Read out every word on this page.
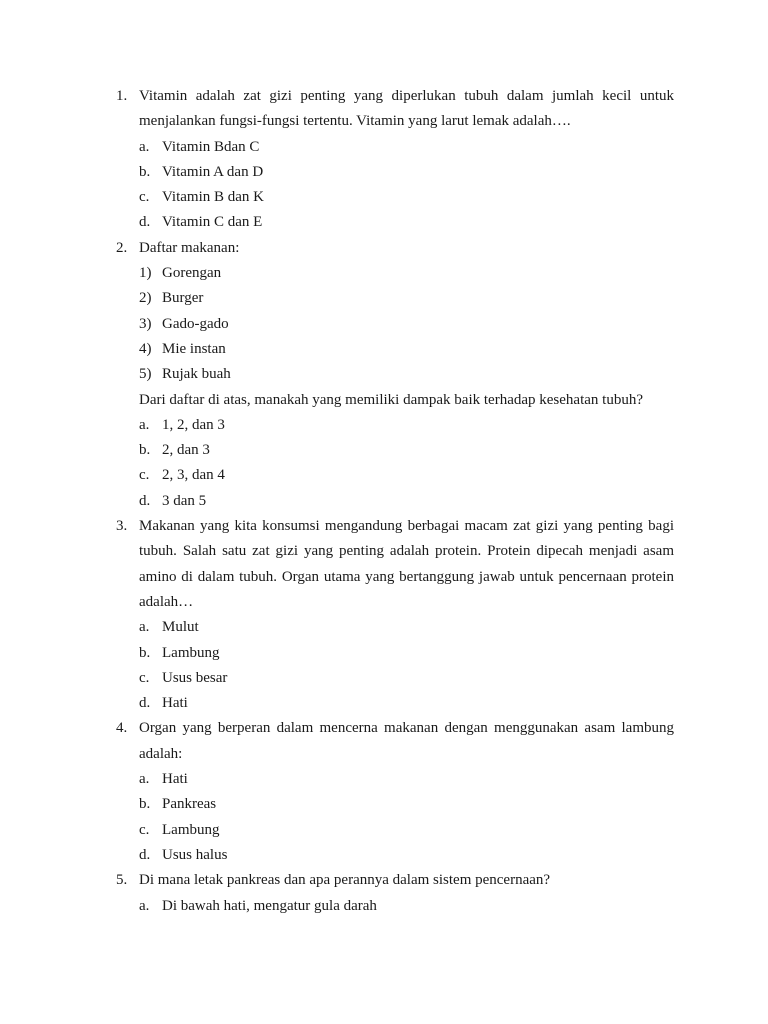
1. Vitamin adalah zat gizi penting yang diperlukan tubuh dalam jumlah kecil untuk menjalankan fungsi-fungsi tertentu. Vitamin yang larut lemak adalah….
a. Vitamin Bdan C
b. Vitamin A dan D
c. Vitamin B dan K
d. Vitamin C dan E
2. Daftar makanan:
1) Gorengan
2) Burger
3) Gado-gado
4) Mie instan
5) Rujak buah
Dari daftar di atas, manakah yang memiliki dampak baik terhadap kesehatan tubuh?
a. 1, 2, dan 3
b. 2, dan 3
c. 2, 3, dan 4
d. 3 dan 5
3. Makanan yang kita konsumsi mengandung berbagai macam zat gizi yang penting bagi tubuh. Salah satu zat gizi yang penting adalah protein. Protein dipecah menjadi asam amino di dalam tubuh. Organ utama yang bertanggung jawab untuk pencernaan protein adalah…
a. Mulut
b. Lambung
c. Usus besar
d. Hati
4. Organ yang berperan dalam mencerna makanan dengan menggunakan asam lambung adalah:
a. Hati
b. Pankreas
c. Lambung
d. Usus halus
5. Di mana letak pankreas dan apa perannya dalam sistem pencernaan?
a. Di bawah hati, mengatur gula darah
